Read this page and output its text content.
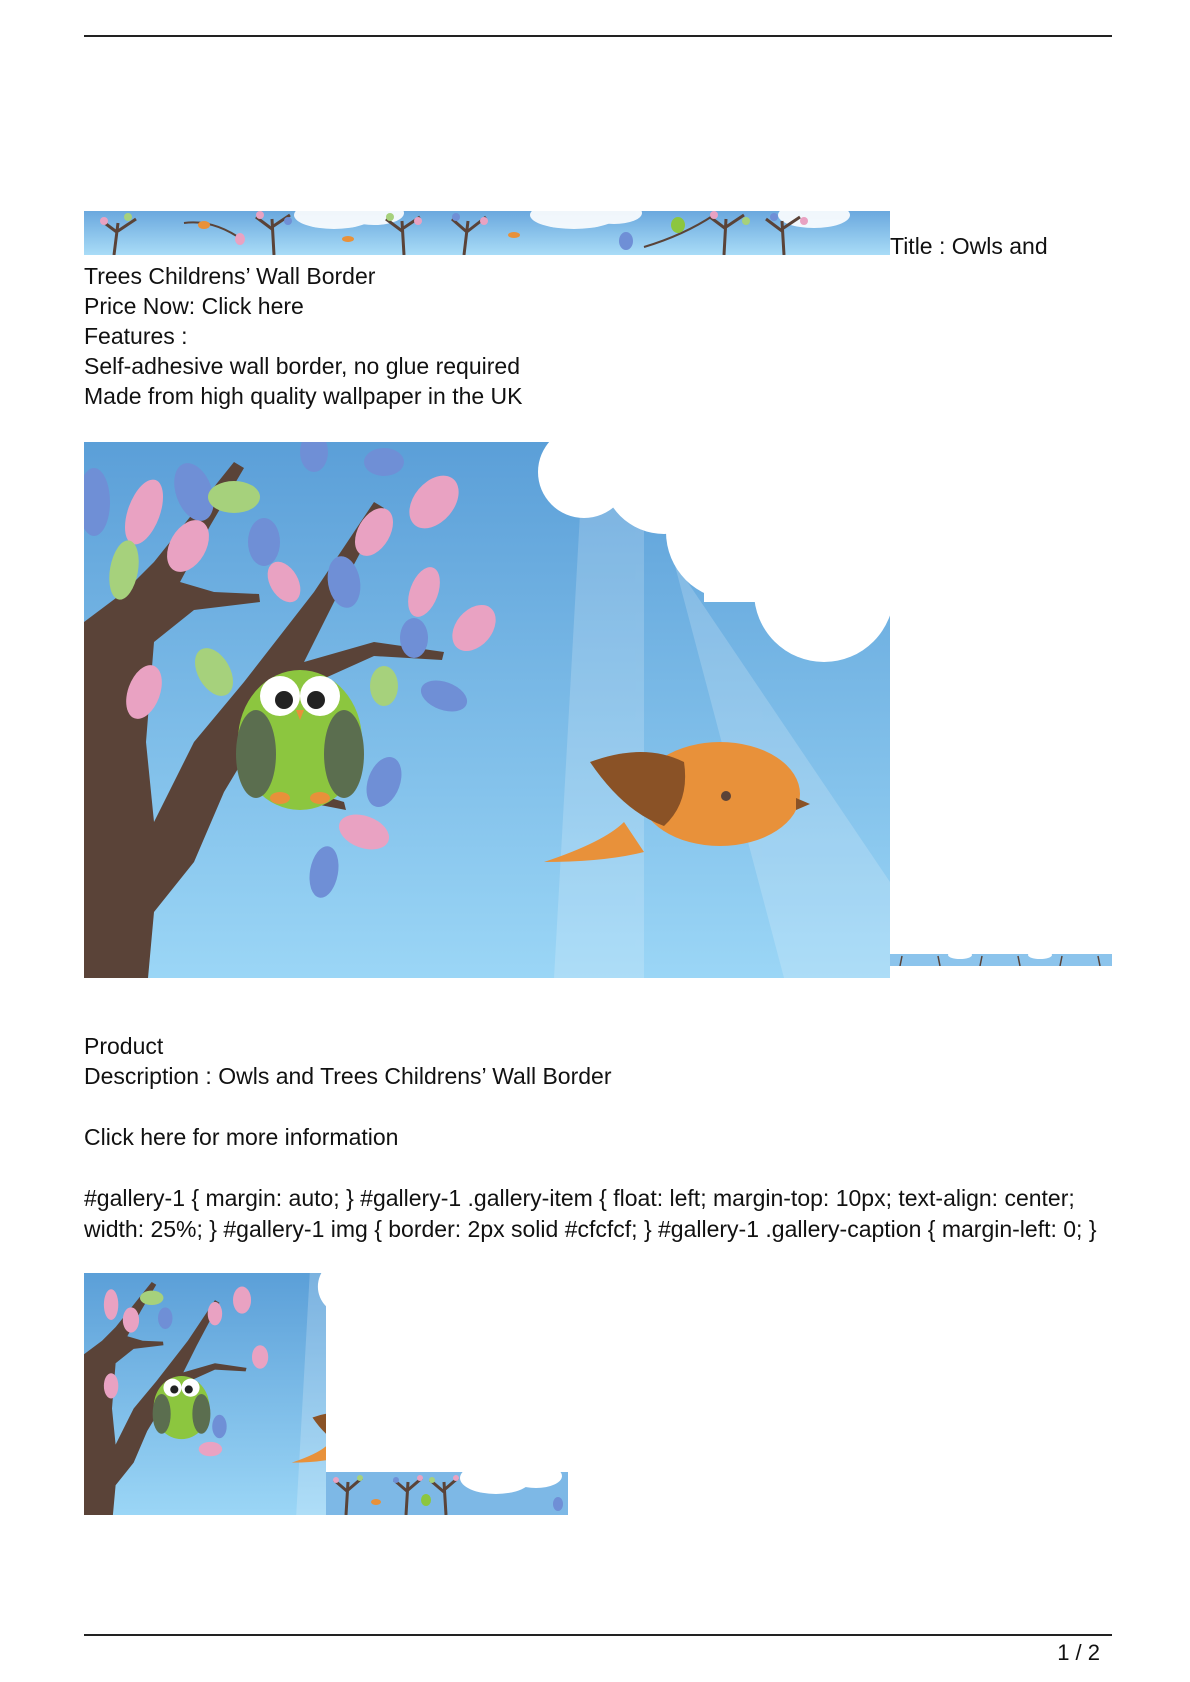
Title : Owls and
Trees Childrens’ Wall Border
Price Now: Click here
Features :
Self-adhesive wall border, no glue required
Made from high quality wallpaper in the UK
Product
Description : Owls and Trees Childrens’ Wall Border
Click here for more information
#gallery-1 { margin: auto; } #gallery-1 .gallery-item { float: left; margin-top: 10px; text-align: center; width: 25%; } #gallery-1 img { border: 2px solid #cfcfcf; } #gallery-1 .gallery-caption { margin-left: 0; }
1 / 2
